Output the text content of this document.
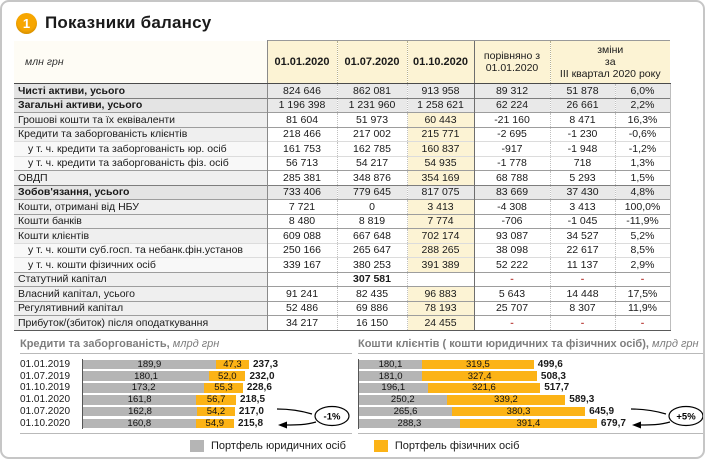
1 Показники балансу
млн грн	01.01.2020	01.07.2020	01.10.2020	порівняно з
01.01.2020

зміни
за
III квартал 2020 року

Чисті активи, усього	824 646	862 081	913 958	89 312	51 878	6,0%
Загальні активи, усього	1 196 398	1 231 960	1 258 621	62 224	26 661	2,2%
Грошові кошти та їх еквіваленти	81 604	51 973	60 443	-21 160	8 471	16,3%
Кредити та заборгованість клієнтів	218 466	217 002	215 771	-2 695	-1 230	-0,6%
у т. ч. кредити та заборгованість юр. осіб	161 753	162 785	160 837	-917	-1 948	-1,2%
у т. ч. кредити та заборгованість фіз. осіб	56 713	54 217	54 935	-1 778	718	1,3%
ОВДП	285 381	348 876	354 169	68 788	5 293	1,5%
Зобов'язання, усього	733 406	779 645	817 075	83 669	37 430	4,8%
Кошти, отримані від НБУ	7 721	0	3 413	-4 308	3 413	100,0%
Кошти банків	8 480	8 819	7 774	-706	-1 045	-11,9%
Кошти клієнтів	609 088	667 648	702 174	93 087	34 527	5,2%
у т. ч. кошти суб.госп. та небанк.фін.установ	250 166	265 647	288 265	38 098	22 617	8,5%
у т. ч. кошти фізичних осіб	339 167	380 253	391 389	52 222	11 137	2,9%
Статутний капітал		307 581		-	-	-
Власний капітал, усього	91 241	82 435	96 883	5 643	14 448	17,5%
Регулятивний капітал	52 486	69 886	78 193	25 707	8 307	11,9%
Прибуток/(збиток) після оподаткування	34 217	16 150	24 455	-	-	-
Кредити та заборгованість, млрд грн
01.01.2019	189,9	47,3 237,3
01.07.2019	180,1	52,0 232,0
01.10.2019	173,2	55,3 228,6
01.01.2020	161,8	56,7 218,5
01.07.2020	162,8	54,2 217,0
01.10.2020	160,8	54,9 215,8
-1%
Кошти клієнтів ( кошти юридичних та фізичних осіб), млрд грн
180,1	319,5	499,6
181,0	327,4	508,3
196,1	321,6	517,7
250,2	339,2	589,3
265,6	380,3	645,9
288,3	391,4	679,7
+5%
Портфель юридичних осіб	Портфель фізичних осіб
